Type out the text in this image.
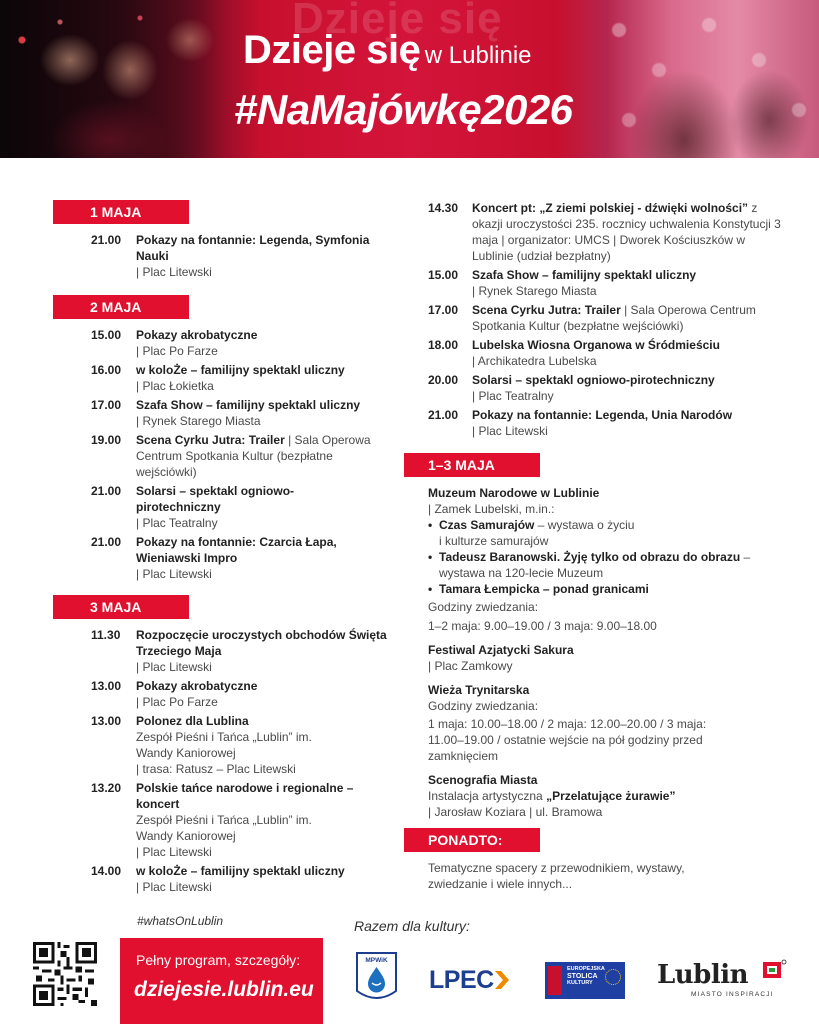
Dzieje się
Dzieje się w Lublinie
#NaMajówkę2026
1 MAJA
21.00	Pokazy na fontannie: Legenda, Symfonia Nauki
| Plac Litewski
2 MAJA
15.00	Pokazy akrobatyczne
| Plac Po Farze
16.00	w koloŻe – familijny spektakl uliczny
| Plac Łokietka
17.00	Szafa Show – familijny spektakl uliczny
| Rynek Starego Miasta
19.00	Scena Cyrku Jutra: Trailer | Sala Operowa Centrum Spotkania Kultur (bezpłatne wejściówki)
21.00	Solarsi – spektakl ogniowo-pirotechniczny
| Plac Teatralny
21.00	Pokazy na fontannie: Czarcia Łapa, Wieniawski Impro
| Plac Litewski
3 MAJA
11.30	Rozpoczęcie uroczystych obchodów Święta Trzeciego Maja
| Plac Litewski
13.00	Pokazy akrobatyczne
| Plac Po Farze
13.00	Polonez dla Lublina
Zespół Pieśni i Tańca „Lublin” im. Wandy Kaniorowej
| trasa: Ratusz – Plac Litewski
13.20	Polskie tańce narodowe i regionalne – koncert
Zespół Pieśni i Tańca „Lublin” im. Wandy Kaniorowej
| Plac Litewski
14.00	w koloŻe – familijny spektakl uliczny
| Plac Litewski
14.30	Koncert pt: „Z ziemi polskiej - dźwięki wolności” z okazji uroczystości 235. rocznicy uchwalenia Konstytucji 3 maja | organizator: UMCS | Dworek Kościuszków w Lublinie (udział bezpłatny)
15.00	Szafa Show – familijny spektakl uliczny
| Rynek Starego Miasta
17.00	Scena Cyrku Jutra: Trailer | Sala Operowa Centrum Spotkania Kultur (bezpłatne wejściówki)
18.00	Lubelska Wiosna Organowa w Śródmieściu
| Archikatedra Lubelska
20.00	Solarsi – spektakl ogniowo-pirotechniczny
| Plac Teatralny
21.00	Pokazy na fontannie: Legenda, Unia Narodów
| Plac Litewski
1–3 MAJA
Muzeum Narodowe w Lublinie
| Zamek Lubelski, m.in.:
• Czas Samurajów – wystawa o życiu i kulturze samurajów
• Tadeusz Baranowski. Żyję tylko od obrazu do obrazu – wystawa na 120-lecie Muzeum
• Tamara Łempicka – ponad granicami
Godziny zwiedzania:
1–2 maja: 9.00–19.00 / 3 maja: 9.00–18.00
Festiwal Azjatycki Sakura
| Plac Zamkowy
Wieża Trynitarska
Godziny zwiedzania:
1 maja: 10.00–18.00 / 2 maja: 12.00–20.00 / 3 maja: 11.00–19.00 / ostatnie wejście na pół godziny przed zamknięciem
Scenografia Miasta
Instalacja artystyczna „Przelatujące żurawie”
| Jarosław Koziara | ul. Bramowa
PONADTO:
Tematyczne spacery z przewodnikiem, wystawy, zwiedzanie i wiele innych...
#whatsOnLublin	Razem dla kultury:
Pełny program, szczegóły:
dziejesie.lublin.eu
MPWiK
LPEC	EUROPEJSKA
STOLICA
KULTURY	Lublin
MIASTO INSPIRACJI
